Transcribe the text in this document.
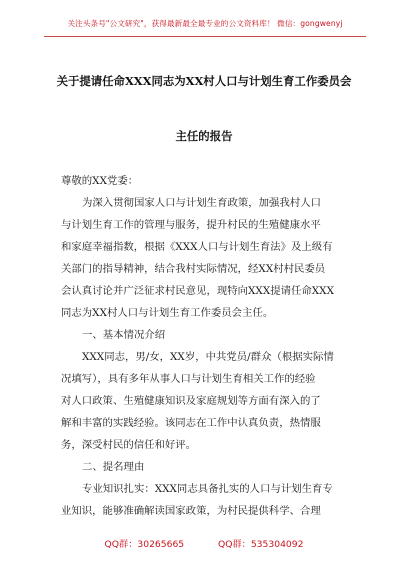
关注头条号"公文研究"，获得最新最全最专业的公文资料库！ 微信：gongwenyj
关于提请任命XXX同志为XX村人口与计划生育工作委员会
主任的报告
尊敬的XX党委：
为深入贯彻国家人口与计划生育政策，加强我村人口
与计划生育工作的管理与服务，提升村民的生殖健康水平
和家庭幸福指数，根据《XXX人口与计划生育法》及上级有
关部门的指导精神，结合我村实际情况，经XX村村民委员
会认真讨论并广泛征求村民意见，现特向XXX提请任命XXX
同志为XX村人口与计划生育工作委员会主任。
一、基本情况介绍
XXX同志，男/女，XX岁，中共党员/群众（根据实际情
况填写），具有多年从事人口与计划生育相关工作的经验
对人口政策、生殖健康知识及家庭规划等方面有深入的了
解和丰富的实践经验。该同志在工作中认真负责，热情服
务，深受村民的信任和好评。
二、提名理由
专业知识扎实：XXX同志具备扎实的人口与计划生育专
业知识，能够准确解读国家政策，为村民提供科学、合理
QQ群：30265665	QQ群：535304092
